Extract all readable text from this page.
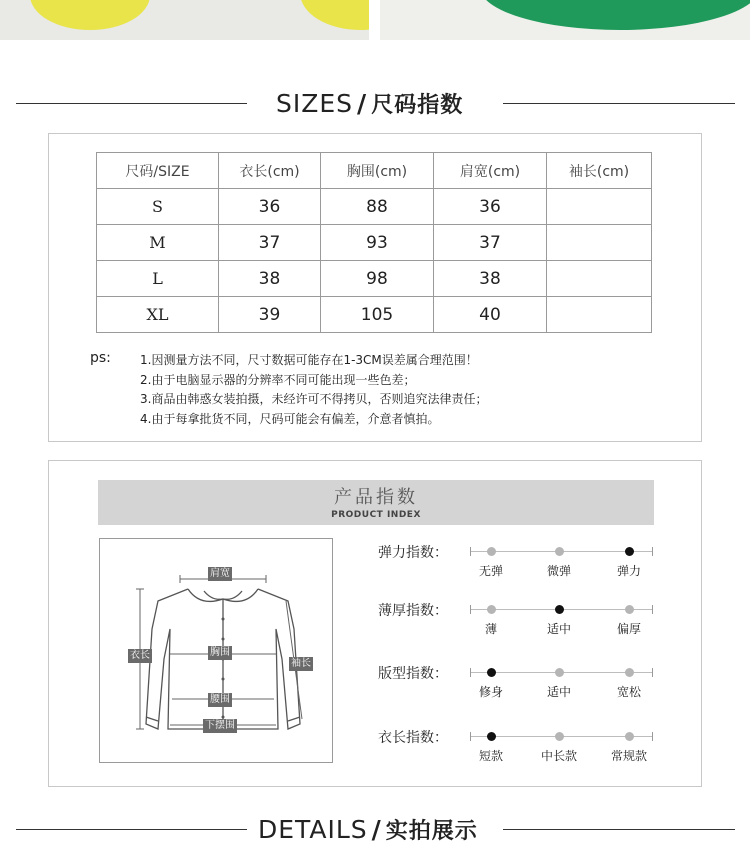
SIZES / 尺码指数
尺码/SIZE	衣长(cm)	胸围(cm)	肩宽(cm)	袖长(cm)
S	36	88	36	
M	37	93	37	
L	38	98	38	
XL	39	105	40	
ps: 1.因测量方法不同，尺寸数据可能存在1-3CM误差属合理范围！
2.由于电脑显示器的分辨率不同可能出现一些色差；
3.商品由韩惑女装拍摄，未经许可不得拷贝，否则追究法律责任；
4.由于每拿批货不同，尺码可能会有偏差，介意者慎拍。
产品指数
PRODUCT INDEX
肩宽
衣长	胸围
袖长
腰围
下摆围
弹力指数：
无弹	微弹	弹力
薄厚指数：
薄	适中	偏厚
版型指数：
修身	适中	宽松
衣长指数：
短款	中长款	常规款
DETAILS / 实拍展示
